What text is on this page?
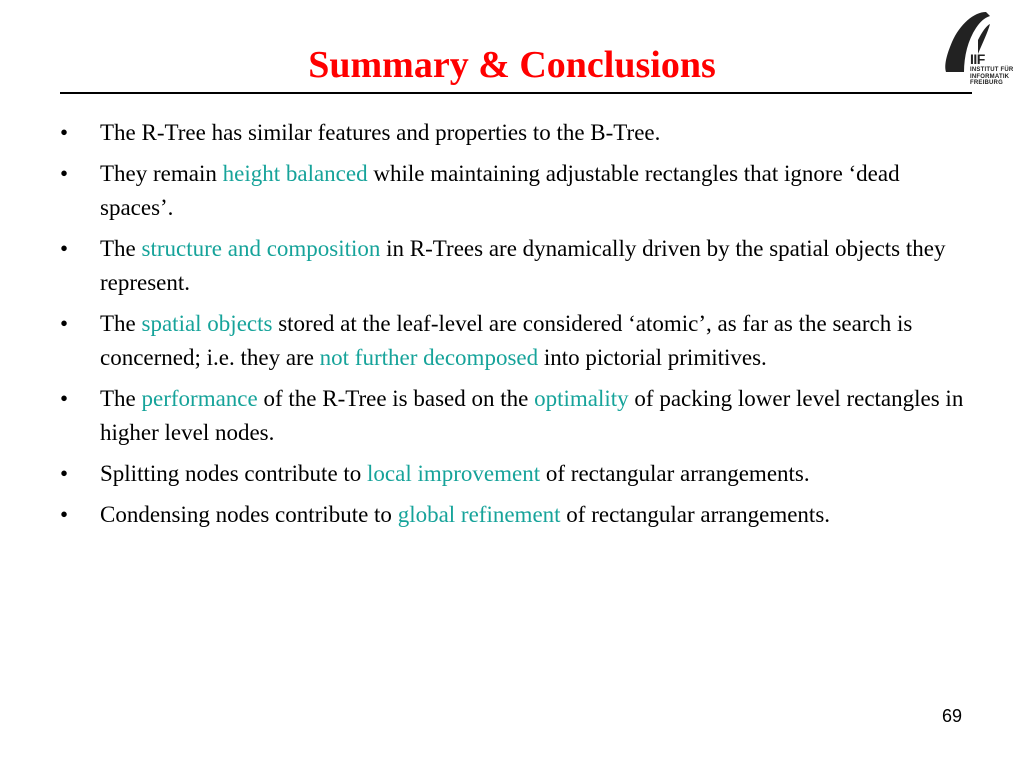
Summary & Conclusions	IIF
INSTITUT FÜR
INFORMATIK
FREIBURG
•	The R-Tree has similar features and properties to the B-Tree.
•	They remain height balanced while maintaining adjustable rectangles that ignore ‘dead spaces’.
•	The structure and composition in R-Trees are dynamically driven by the spatial objects they represent.
•	The spatial objects stored at the leaf-level are considered ‘atomic’, as far as the search is concerned; i.e. they are not further decomposed into pictorial primitives.
•	The performance of the R-Tree is based on the optimality of packing lower level rectangles in higher level nodes.
•	Splitting nodes contribute to local improvement of rectangular arrangements.
•	Condensing nodes contribute to global refinement of rectangular arrangements.
69
